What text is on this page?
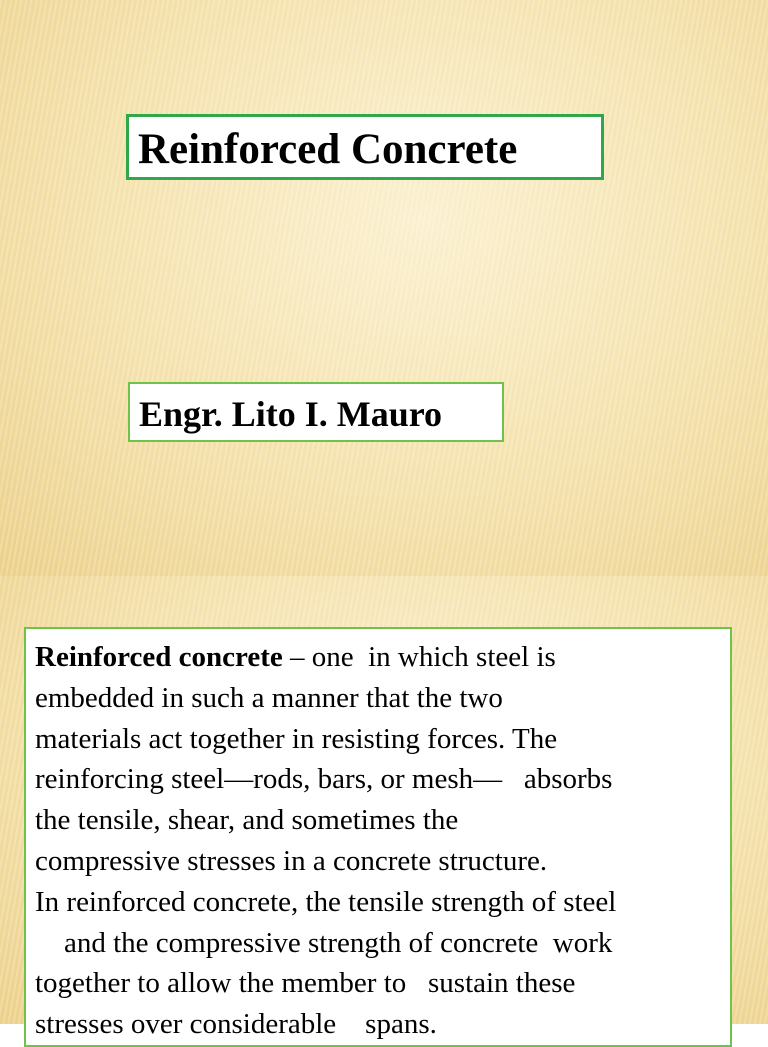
Reinforced Concrete
Engr. Lito I. Mauro
Reinforced concrete – one  in which steel is
embedded in such a manner that the two
materials act together in resisting forces. The
reinforcing steel—rods, bars, or mesh—   absorbs
the tensile, shear, and sometimes the
compressive stresses in a concrete structure.
In reinforced concrete, the tensile strength of steel
and the compressive strength of concrete  work
together to allow the member to   sustain these
stresses over considerable    spans.
